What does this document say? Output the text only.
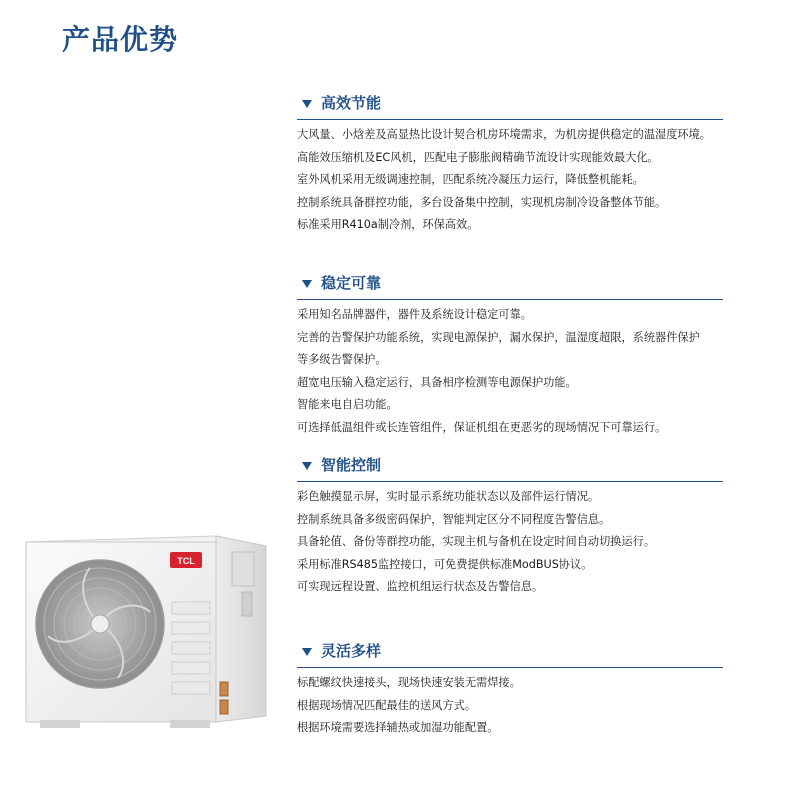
产品优势
高效节能
大风量、小焓差及高显热比设计契合机房环境需求，为机房提供稳定的温湿度环境。
高能效压缩机及EC风机，匹配电子膨胀阀精确节流设计实现能效最大化。
室外风机采用无级调速控制，匹配系统冷凝压力运行，降低整机能耗。
控制系统具备群控功能，多台设备集中控制，实现机房制冷设备整体节能。
标准采用R410a制冷剂，环保高效。
稳定可靠
采用知名品牌器件，器件及系统设计稳定可靠。
完善的告警保护功能系统，实现电源保护，漏水保护，温湿度超限，系统器件保护
等多级告警保护。
超宽电压输入稳定运行，具备相序检测等电源保护功能。
智能来电自启功能。
可选择低温组件或长连管组件，保证机组在更恶劣的现场情况下可靠运行。
智能控制
彩色触摸显示屏，实时显示系统功能状态以及部件运行情况。
控制系统具备多级密码保护，智能判定区分不同程度告警信息。
具备轮值、备份等群控功能，实现主机与备机在设定时间自动切换运行。
采用标准RS485监控接口，可免费提供标准ModBUS协议。
可实现远程设置、监控机组运行状态及告警信息。
灵活多样
标配螺纹快速接头，现场快速安装无需焊接。
根据现场情况匹配最佳的送风方式。
根据环境需要选择辅热或加湿功能配置。
TCL
